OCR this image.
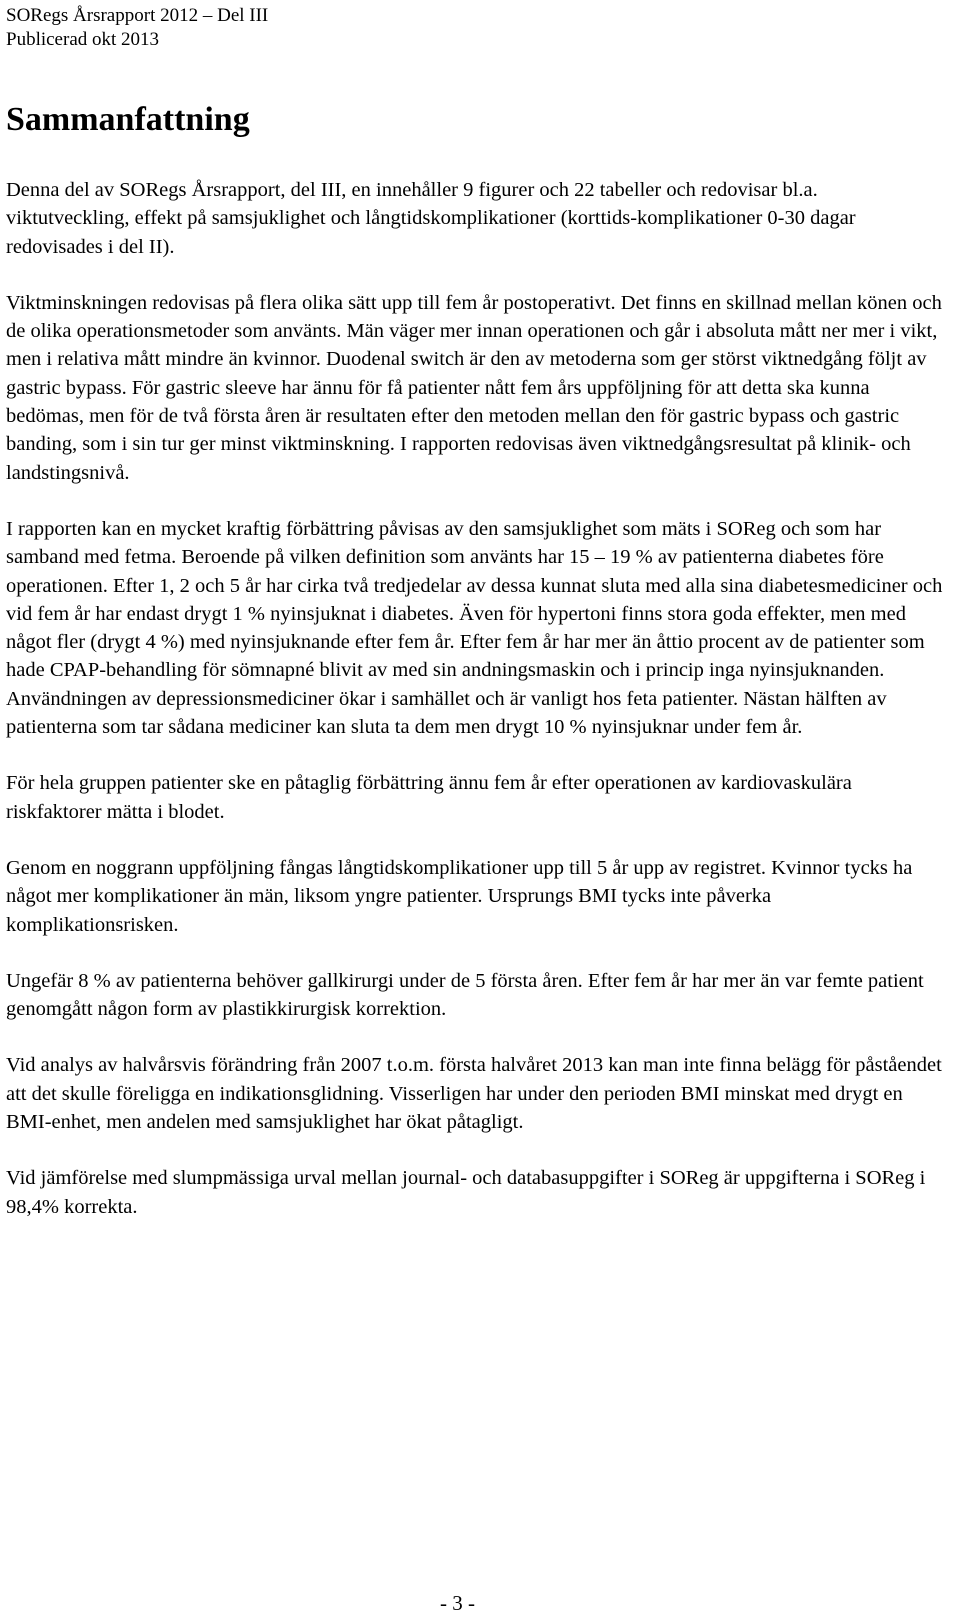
SORegs Årsrapport 2012 – Del III
Publicerad okt 2013
Sammanfattning

Denna del av SORegs Årsrapport, del III, en innehåller 9 figurer och 22 tabeller och redovisar bl.a. viktutveckling, effekt på samsjuklighet och långtidskomplikationer (korttids-komplikationer 0-30 dagar redovisades i del II).

Viktminskningen redovisas på flera olika sätt upp till fem år postoperativt. Det finns en skillnad mellan könen och de olika operationsmetoder som använts. Män väger mer innan operationen och går i absoluta mått ner mer i vikt, men i relativa mått mindre än kvinnor. Duodenal switch är den av metoderna som ger störst viktnedgång följt av gastric bypass. För gastric sleeve har ännu för få patienter nått fem års uppföljning för att detta ska kunna bedömas, men för de två första åren är resultaten efter den metoden mellan den för gastric bypass och gastric banding, som i sin tur ger minst viktminskning. I rapporten redovisas även viktnedgångsresultat på klinik- och landstingsnivå.

I rapporten kan en mycket kraftig förbättring påvisas av den samsjuklighet som mäts i SOReg och som har samband med fetma. Beroende på vilken definition som använts har 15 – 19 % av patienterna diabetes före operationen. Efter 1, 2 och 5 år har cirka två tredjedelar av dessa kunnat sluta med alla sina diabetesmediciner och vid fem år har endast drygt 1 % nyinsjuknat i diabetes. Även för hypertoni finns stora goda effekter, men med något fler (drygt 4 %) med nyinsjuknande efter fem år. Efter fem år har mer än åttio procent av de patienter som hade CPAP-behandling för sömnapné blivit av med sin andningsmaskin och i princip inga nyinsjuknanden. Användningen av depressionsmediciner ökar i samhället och är vanligt hos feta patienter. Nästan hälften av patienterna som tar sådana mediciner kan sluta ta dem men drygt 10 % nyinsjuknar under fem år.

För hela gruppen patienter ske en påtaglig förbättring ännu fem år efter operationen av kardiovaskulära riskfaktorer mätta i blodet.

Genom en noggrann uppföljning fångas långtidskomplikationer upp till 5 år upp av registret. Kvinnor tycks ha något mer komplikationer än män, liksom yngre patienter. Ursprungs BMI tycks inte påverka komplikationsrisken.

Ungefär 8 % av patienterna behöver gallkirurgi under de 5 första åren. Efter fem år har mer än var femte patient genomgått någon form av plastikkirurgisk korrektion.

Vid analys av halvårsvis förändring från 2007 t.o.m. första halvåret 2013 kan man inte finna belägg för påståendet att det skulle föreligga en indikationsglidning. Visserligen har under den perioden BMI minskat med drygt en BMI-enhet, men andelen med samsjuklighet har ökat påtagligt.

Vid jämförelse med slumpmässiga urval mellan journal- och databasuppgifter i SOReg är uppgifterna i SOReg i 98,4% korrekta.

- 3 -
